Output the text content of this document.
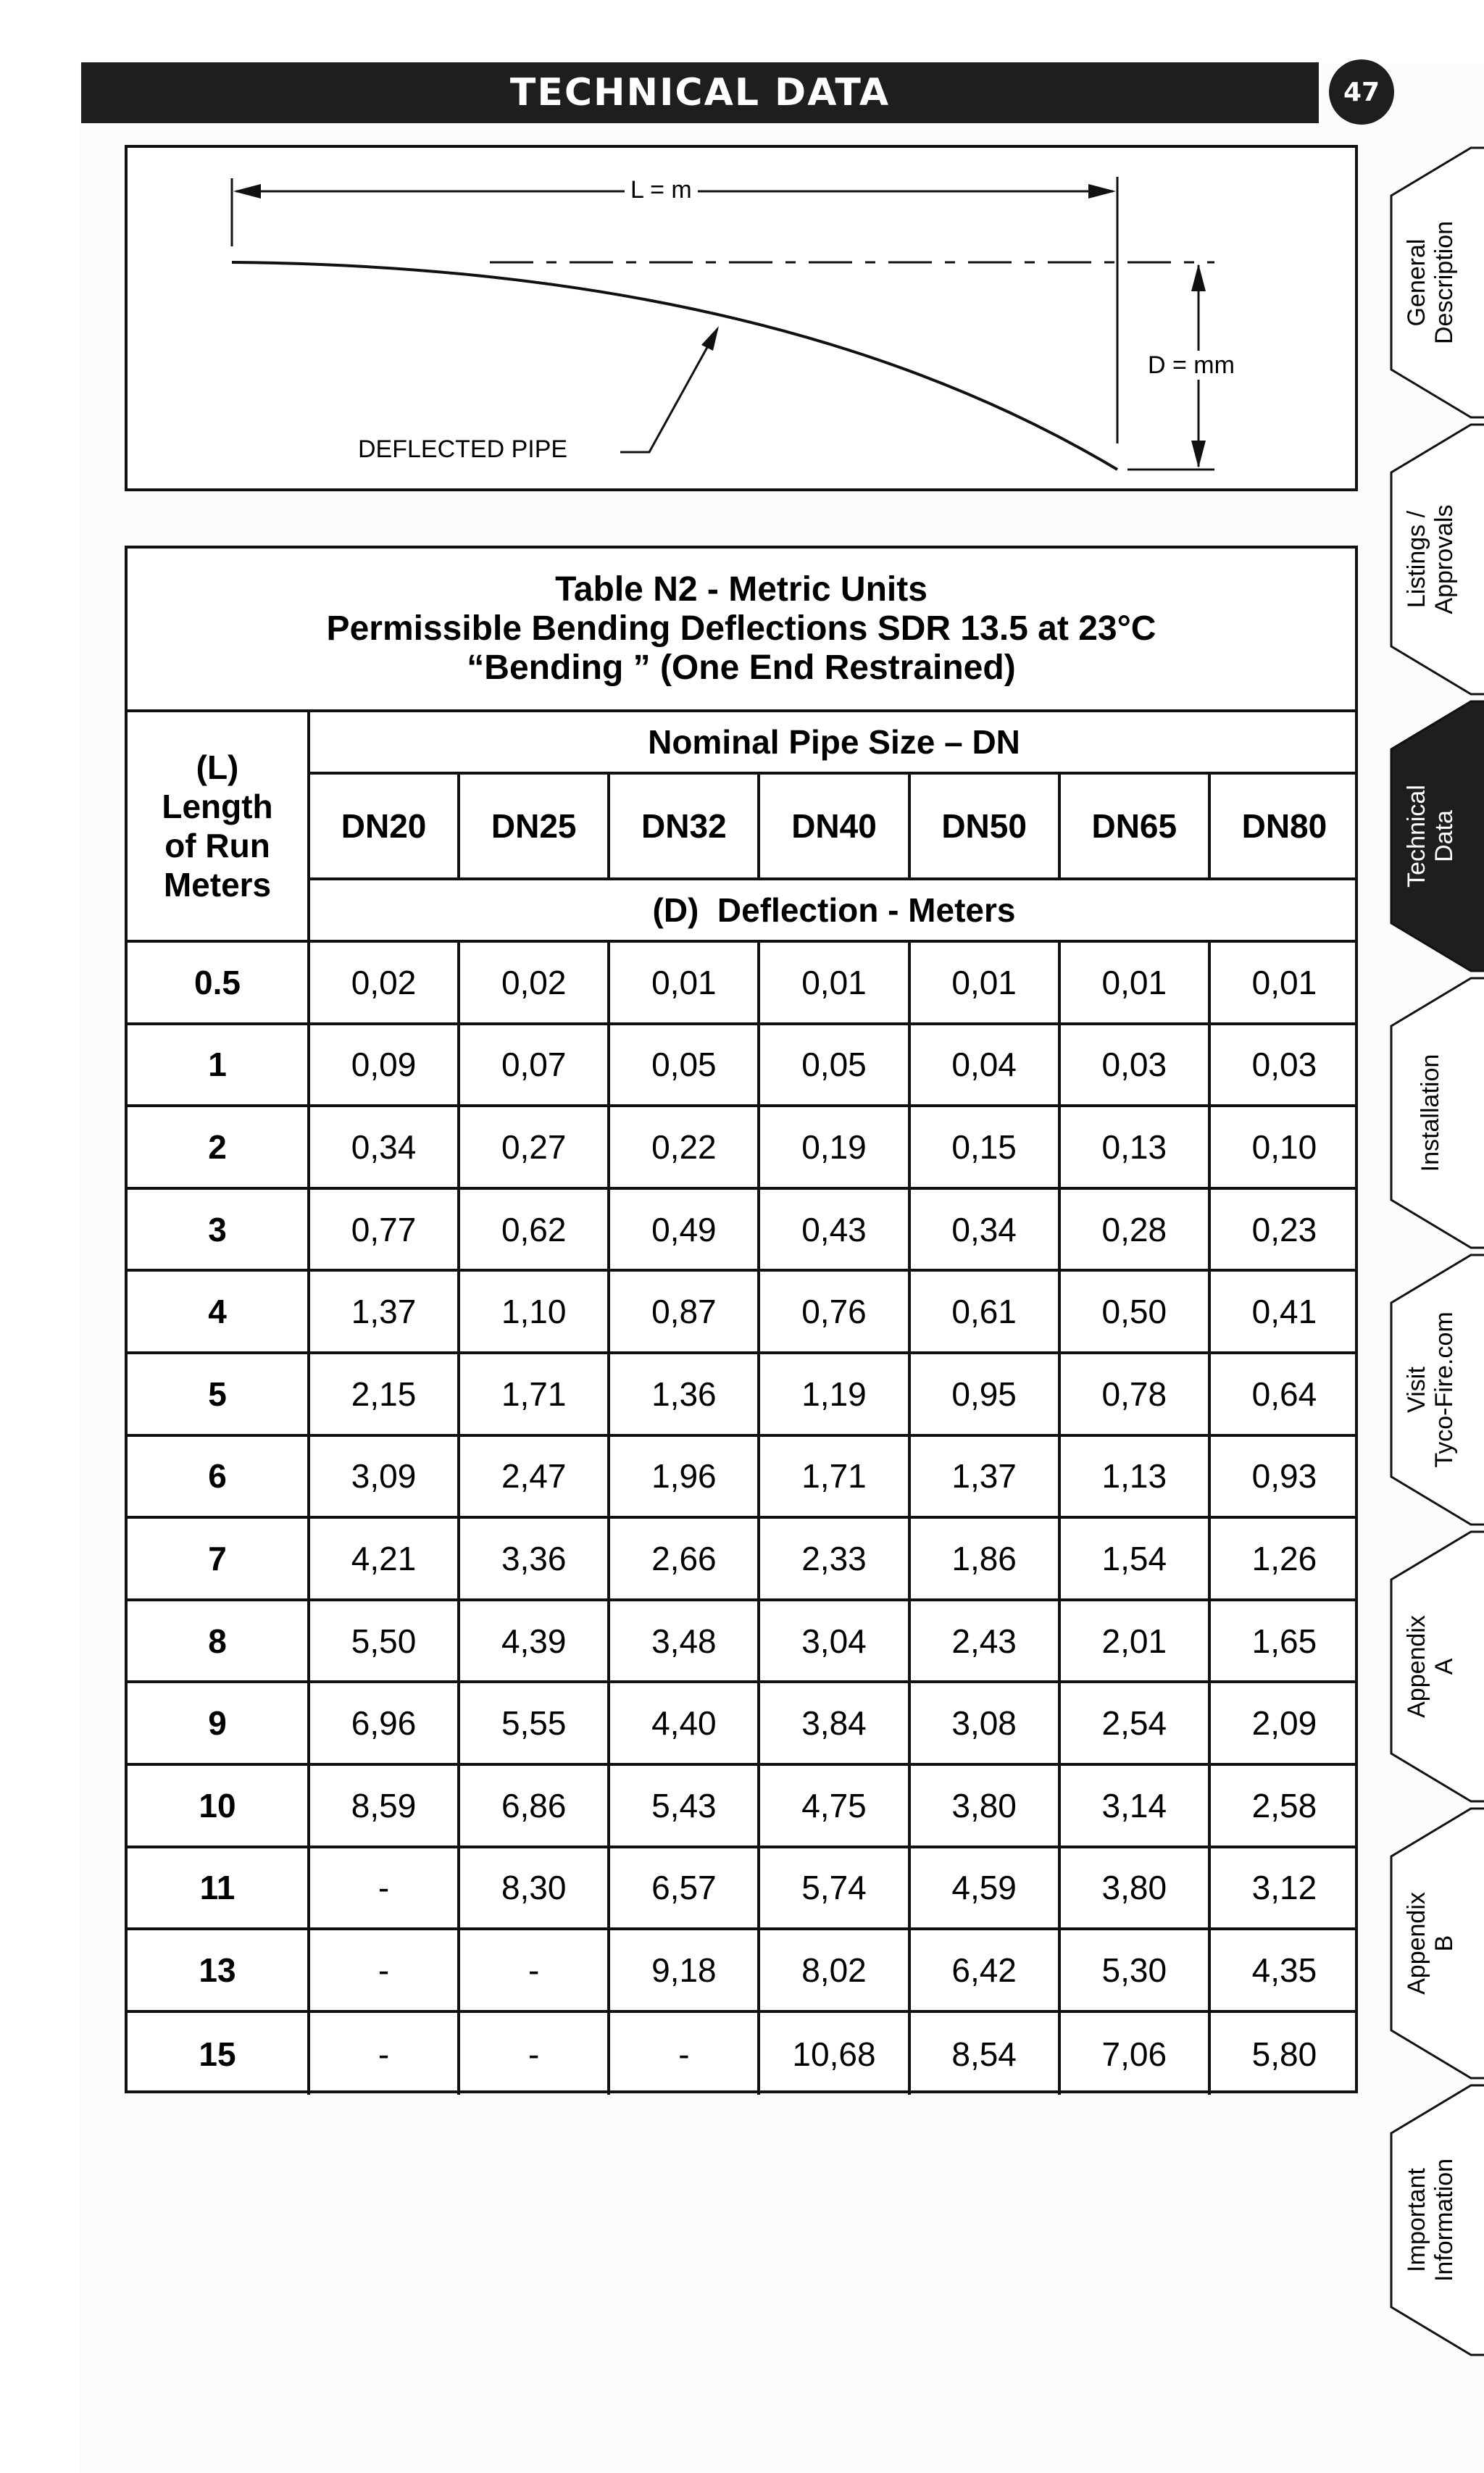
TECHNICAL DATA	47
L = m
D = mm
DEFLECTED PIPE
Table N2 - Metric Units
Permissible Bending Deflections SDR 13.5 at 23°C
“Bending ” (One End Restrained)
(L)
Length
of Run
Meters
Nominal Pipe Size – DN
DN20	DN25	DN32	DN40	DN50	DN65	DN80
(D)  Deflection - Meters
0.5	0,02	0,02	0,01	0,01	0,01	0,01	0,01
1	0,09	0,07	0,05	0,05	0,04	0,03	0,03
2	0,34	0,27	0,22	0,19	0,15	0,13	0,10
3	0,77	0,62	0,49	0,43	0,34	0,28	0,23
4	1,37	1,10	0,87	0,76	0,61	0,50	0,41
5	2,15	1,71	1,36	1,19	0,95	0,78	0,64
6	3,09	2,47	1,96	1,71	1,37	1,13	0,93
7	4,21	3,36	2,66	2,33	1,86	1,54	1,26
8	5,50	4,39	3,48	3,04	2,43	2,01	1,65
9	6,96	5,55	4,40	3,84	3,08	2,54	2,09
10	8,59	6,86	5,43	4,75	3,80	3,14	2,58
11	-	8,30	6,57	5,74	4,59	3,80	3,12
13	-	-	9,18	8,02	6,42	5,30	4,35
15	-	-	-	10,68	8,54	7,06	5,80
General Description
Listings / Approvals
Technical Data
Installation
Visit Tyco-Fire.com
Appendix A
Appendix B
Important Information
